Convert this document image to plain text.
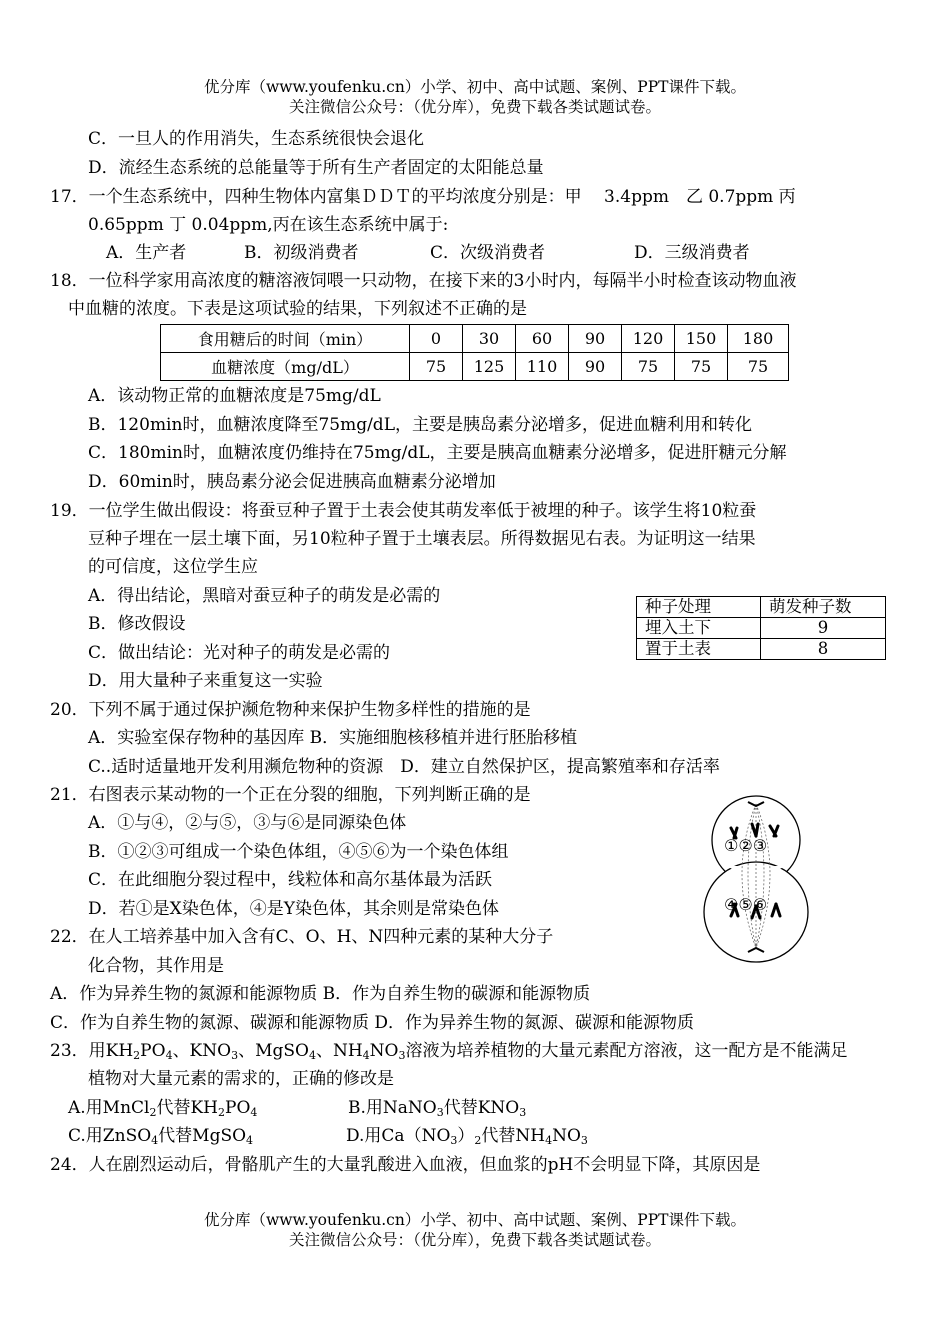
优分库（www.youfenku.cn）小学、初中、高中试题、案例、PPT课件下载。
关注微信公众号：（优分库），免费下载各类试题试卷。
C．一旦人的作用消失，生态系统很快会退化
D．流经生态系统的总能量等于所有生产者固定的太阳能总量
17．一个生态系统中，四种生物体内富集ＤＤＴ的平均浓度分别是：甲　 3.4ppm　乙 0.7ppm 丙
0.65ppm 丁 0.04ppm,丙在该生态系统中属于:
A．生产者	B．初级消费者	C．次级消费者	D．三级消费者
18．一位科学家用高浓度的糖溶液饲喂一只动物，在接下来的3小时内，每隔半小时检查该动物血液
中血糖的浓度。下表是这项试验的结果，下列叙述不正确的是
食用糖后的时间（min）	0	30	60	90	120	150	180
血糖浓度（mg/dL）	75	125	110	90	75	75	75
A．该动物正常的血糖浓度是75mg/dL
B．120min时，血糖浓度降至75mg/dL，主要是胰岛素分泌增多，促进血糖利用和转化
C．180min时，血糖浓度仍维持在75mg/dL，主要是胰高血糖素分泌增多，促进肝糖元分解
D．60min时，胰岛素分泌会促进胰高血糖素分泌增加
19．一位学生做出假设：将蚕豆种子置于土表会使其萌发率低于被埋的种子。该学生将10粒蚕
豆种子埋在一层土壤下面，另10粒种子置于土壤表层。所得数据见右表。为证明这一结果
的可信度，这位学生应
A．得出结论，黑暗对蚕豆种子的萌发是必需的
B．修改假设
C．做出结论：光对种子的萌发是必需的
D．用大量种子来重复这一实验
种子处理	萌发种子数
埋入土下	9
置于土表	8
20．下列不属于通过保护濒危物种来保护生物多样性的措施的是
A．实验室保存物种的基因库 B．实施细胞核移植并进行胚胎移植
C..适时适量地开发利用濒危物种的资源　D．建立自然保护区，提高繁殖率和存活率
21．右图表示某动物的一个正在分裂的细胞，下列判断正确的是
A．①与④，②与⑤，③与⑥是同源染色体
B．①②③可组成一个染色体组，④⑤⑥为一个染色体组
C．在此细胞分裂过程中，线粒体和高尔基体最为活跃
D．若①是X染色体，④是Y染色体，其余则是常染色体
①②③
④⑤⑥
22．在人工培养基中加入含有C、O、H、N四种元素的某种大分子
化合物，其作用是
A．作为异养生物的氮源和能源物质 B．作为自养生物的碳源和能源物质
C．作为自养生物的氮源、碳源和能源物质 D．作为异养生物的氮源、碳源和能源物质
23．用$KH_2PO_4$、$KNO_3$、MgSO$_4$、$NH_4NO_3$溶液为培养植物的大量元素配方溶液，这一配方是不能满足
植物对大量元素的需求的，正确的修改是
A.用MnCl$_2$代替$KH_2PO_4$	B.用NaNO$_3$代替$KNO_3$
C.用ZnSO$_4$代替MgSO$_4$	D.用$Ca(NO_3)_2$代替$NH_4NO_3$
24．人在剧烈运动后，骨骼肌产生的大量乳酸进入血液，但血浆的pH不会明显下降，其原因是
优分库（www.youfenku.cn）小学、初中、高中试题、案例、PPT课件下载。
关注微信公众号：（优分库），免费下载各类试题试卷。
